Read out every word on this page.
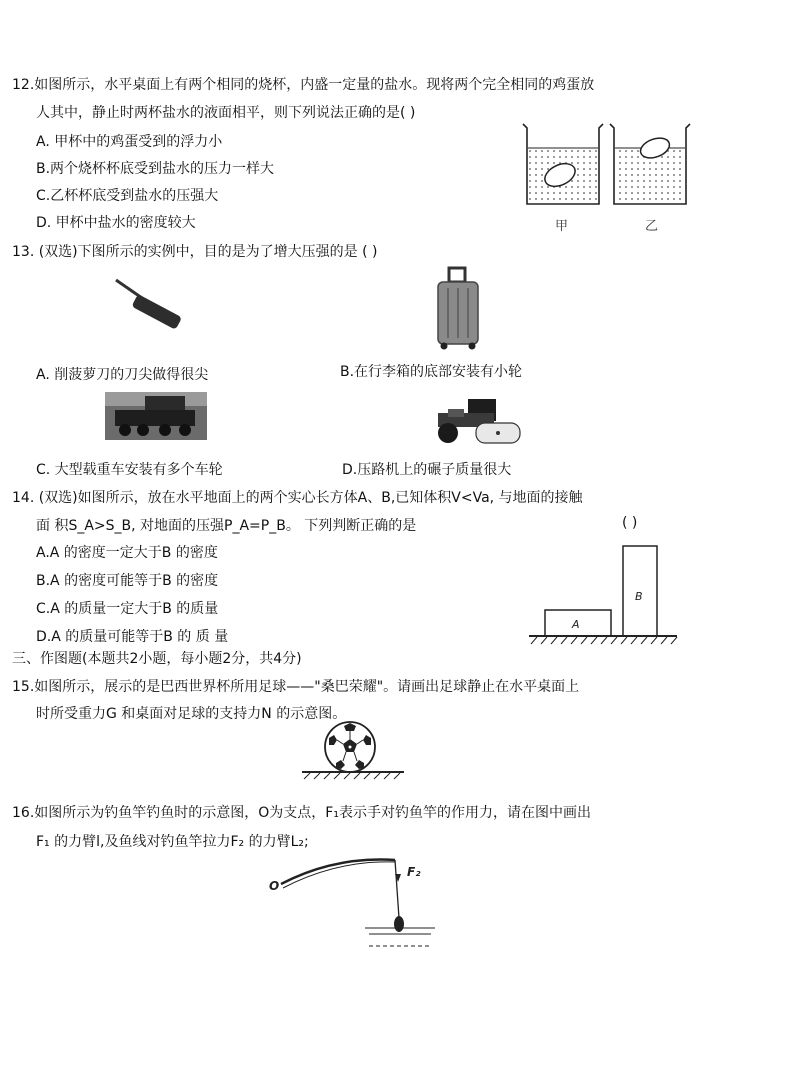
12.如图所示，水平桌面上有两个相同的烧杯，内盛一定量的盐水。现将两个完全相同的鸡蛋放
人其中，静止时两杯盐水的液面相平，则下列说法正确的是( )
A. 甲杯中的鸡蛋受到的浮力小
B.两个烧杯杯底受到盐水的压力一样大
C.乙杯杯底受到盐水的压强大
D. 甲杯中盐水的密度较大	甲	乙
13. (双选)下图所示的实例中，目的是为了增大压强的是 ( )
A. 削菠萝刀的刀尖做得很尖	B.在行李箱的底部安装有小轮
C. 大型载重车安装有多个车轮	D.压路机上的碾子质量很大
14. (双选)如图所示，放在水平地面上的两个实心长方体A、B,已知体积V<Va, 与地面的接触
面 积S_A>S_B, 对地面的压强P_A=P_B。 下列判断正确的是	( )
A.A 的密度一定大于B 的密度
B.A 的密度可能等于B 的密度
C.A 的质量一定大于B 的质量
D.A 的质量可能等于B 的 质 量
A
B
三、作图题(本题共2小题，每小题2分，共4分)
15.如图所示，展示的是巴西世界杯所用足球——"桑巴荣耀"。请画出足球静止在水平桌面上
时所受重力G 和桌面对足球的支持力N 的示意图。
16.如图所示为钓鱼竿钓鱼时的示意图，O为支点，F₁表示手对钓鱼竿的作用力，请在图中画出
F₁ 的力臂l,及鱼线对钓鱼竿拉力F₂ 的力臂L₂;
O
F₂
